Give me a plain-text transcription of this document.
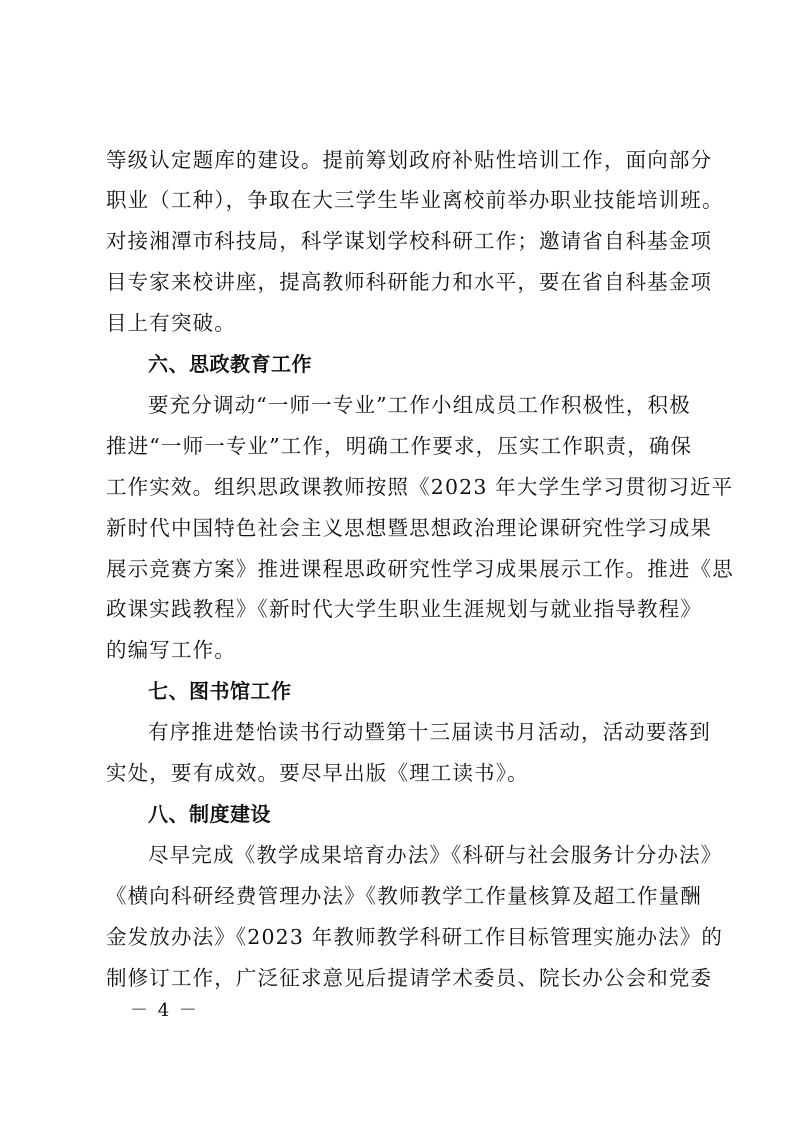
等级认定题库的建设。提前筹划政府补贴性培训工作，面向部分
职业（工种），争取在大三学生毕业离校前举办职业技能培训班。
对接湘潭市科技局，科学谋划学校科研工作；邀请省自科基金项
目专家来校讲座，提高教师科研能力和水平，要在省自科基金项
目上有突破。
六、思政教育工作
要充分调动“一师一专业”工作小组成员工作积极性，积极
推进“一师一专业”工作，明确工作要求，压实工作职责，确保
工作实效。组织思政课教师按照《2023 年大学生学习贯彻习近平
新时代中国特色社会主义思想暨思想政治理论课研究性学习成果
展示竞赛方案》推进课程思政研究性学习成果展示工作。推进《思
政课实践教程》《新时代大学生职业生涯规划与就业指导教程》
的编写工作。
七、图书馆工作
有序推进楚怡读书行动暨第十三届读书月活动，活动要落到
实处，要有成效。要尽早出版《理工读书》。
八、制度建设
尽早完成《教学成果培育办法》《科研与社会服务计分办法》
《横向科研经费管理办法》《教师教学工作量核算及超工作量酬
金发放办法》《2023 年教师教学科研工作目标管理实施办法》的
制修订工作，广泛征求意见后提请学术委员、院长办公会和党委
－ 4 －
